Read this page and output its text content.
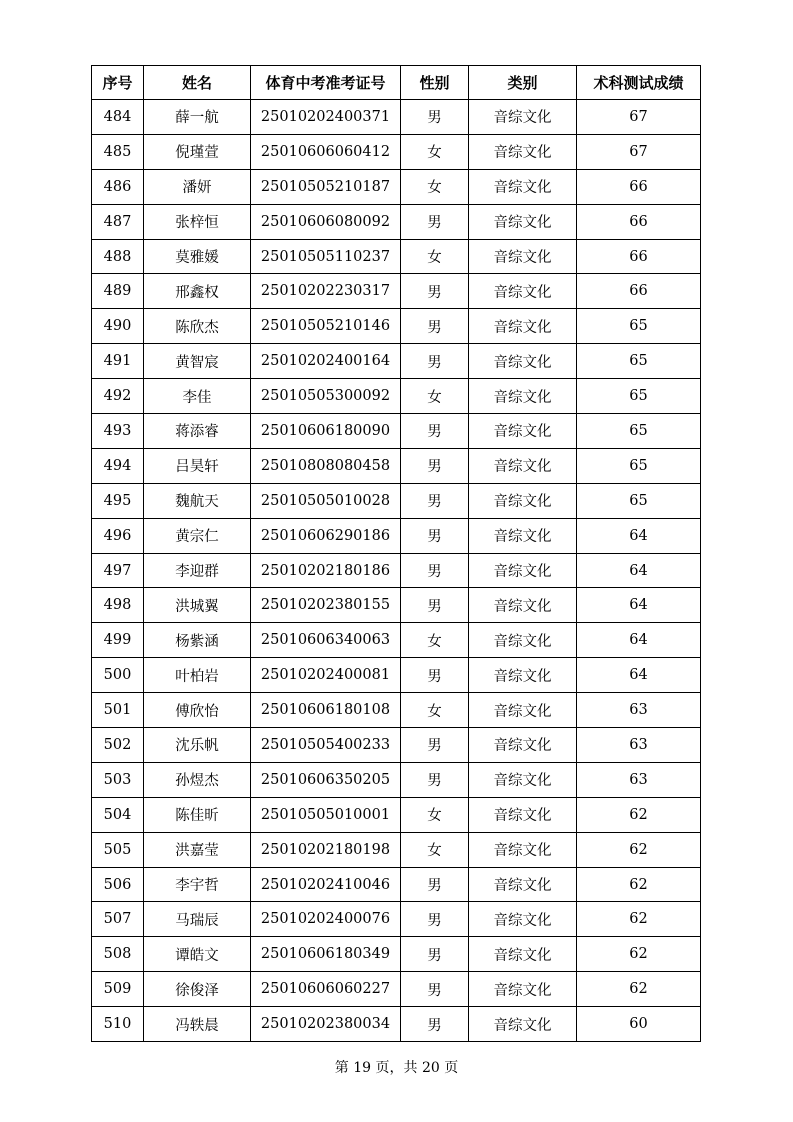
序号	姓名	体育中考准考证号	性别	类别	术科测试成绩
484	薛一航	25010202400371	男	音综文化	67
485	倪瑾萱	25010606060412	女	音综文化	67
486	潘妍	25010505210187	女	音综文化	66
487	张梓恒	25010606080092	男	音综文化	66
488	莫雅媛	25010505110237	女	音综文化	66
489	邢鑫权	25010202230317	男	音综文化	66
490	陈欣杰	25010505210146	男	音综文化	65
491	黄智宸	25010202400164	男	音综文化	65
492	李佳	25010505300092	女	音综文化	65
493	蒋添睿	25010606180090	男	音综文化	65
494	吕昊轩	25010808080458	男	音综文化	65
495	魏航天	25010505010028	男	音综文化	65
496	黄宗仁	25010606290186	男	音综文化	64
497	李迎群	25010202180186	男	音综文化	64
498	洪城翼	25010202380155	男	音综文化	64
499	杨紫涵	25010606340063	女	音综文化	64
500	叶柏岩	25010202400081	男	音综文化	64
501	傅欣怡	25010606180108	女	音综文化	63
502	沈乐帆	25010505400233	男	音综文化	63
503	孙煜杰	25010606350205	男	音综文化	63
504	陈佳昕	25010505010001	女	音综文化	62
505	洪嘉莹	25010202180198	女	音综文化	62
506	李宇哲	25010202410046	男	音综文化	62
507	马瑞辰	25010202400076	男	音综文化	62
508	谭皓文	25010606180349	男	音综文化	62
509	徐俊泽	25010606060227	男	音综文化	62
510	冯轶晨	25010202380034	男	音综文化	60
第 19 页，共 20 页
